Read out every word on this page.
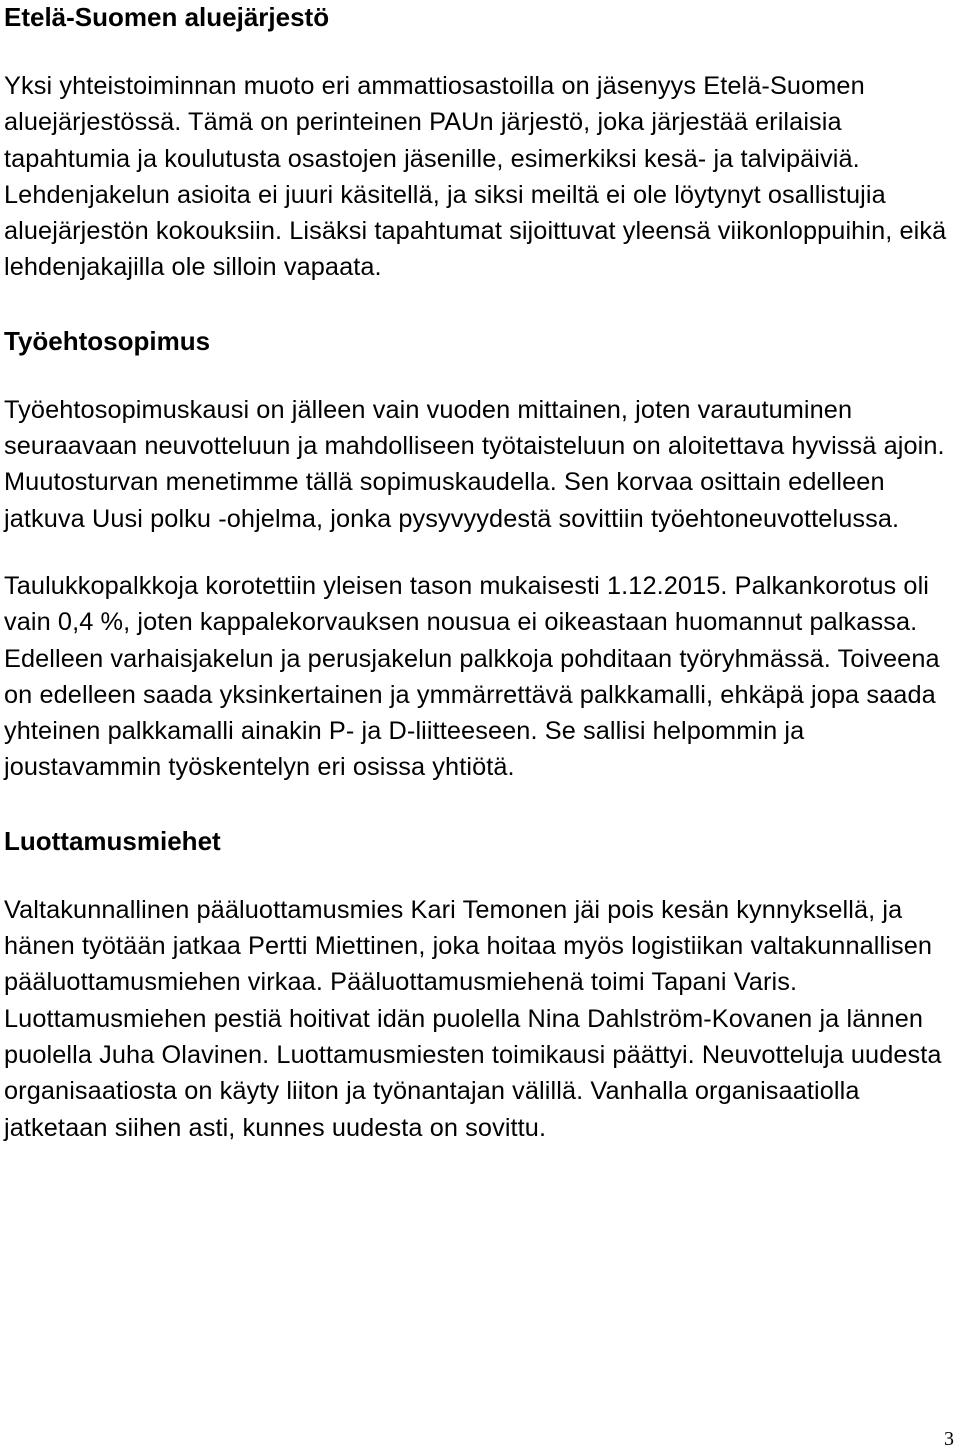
Etelä-Suomen aluejärjestö

Yksi yhteistoiminnan muoto eri ammattiosastoilla on jäsenyys Etelä-Suomen aluejärjestössä. Tämä on perinteinen PAUn järjestö, joka järjestää erilaisia tapahtumia ja koulutusta osastojen jäsenille, esimerkiksi kesä- ja talvipäiviä. Lehdenjakelun asioita ei juuri käsitellä, ja siksi meiltä ei ole löytynyt osallistujia aluejärjestön kokouksiin. Lisäksi tapahtumat sijoittuvat yleensä viikonloppuihin, eikä lehdenjakajilla ole silloin vapaata.

Työehtosopimus

Työehtosopimuskausi on jälleen vain vuoden mittainen, joten varautuminen seuraavaan neuvotteluun ja mahdolliseen työtaisteluun on aloitettava hyvissä ajoin. Muutosturvan menetimme tällä sopimuskaudella. Sen korvaa osittain edelleen jatkuva Uusi polku -ohjelma, jonka pysyvyydestä sovittiin työehtoneuvottelussa.

Taulukkopalkkoja korotettiin yleisen tason mukaisesti 1.12.2015. Palkankorotus oli vain 0,4 %, joten kappalekorvauksen nousua ei oikeastaan huomannut palkassa. Edelleen varhaisjakelun ja perusjakelun palkkoja pohditaan työryhmässä. Toiveena on edelleen saada yksinkertainen ja ymmärrettävä palkkamalli, ehkäpä jopa saada yhteinen palkkamalli ainakin P- ja D-liitteeseen. Se sallisi helpommin ja joustavammin työskentelyn eri osissa yhtiötä.

Luottamusmiehet

Valtakunnallinen pääluottamusmies Kari Temonen jäi pois kesän kynnyksellä, ja hänen työtään jatkaa Pertti Miettinen, joka hoitaa myös logistiikan valtakunnallisen pääluottamusmiehen virkaa. Pääluottamusmiehenä toimi Tapani Varis. Luottamusmiehen pestiä hoitivat idän puolella Nina Dahlström-Kovanen ja lännen puolella Juha Olavinen. Luottamusmiesten toimikausi päättyi. Neuvotteluja uudesta organisaatiosta on käyty liiton ja työnantajan välillä. Vanhalla organisaatiolla jatketaan siihen asti, kunnes uudesta on sovittu.

3
